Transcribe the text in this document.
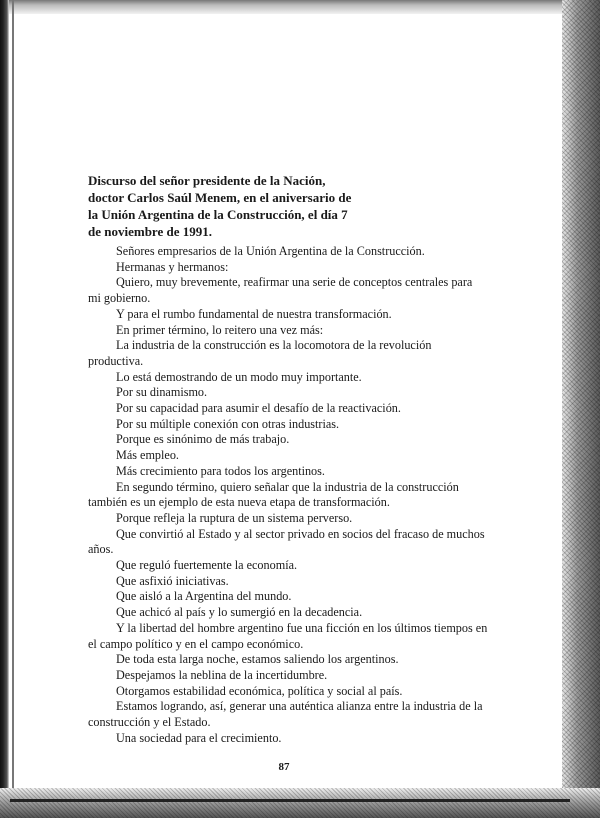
Discurso del señor presidente de la Nación,
doctor Carlos Saúl Menem, en el aniversario de
la Unión Argentina de la Construcción, el día 7
de noviembre de 1991.

Señores empresarios de la Unión Argentina de la Construcción.

Hermanas y hermanos:

Quiero, muy brevemente, reafirmar una serie de conceptos centrales para mi gobierno.

Y para el rumbo fundamental de nuestra transformación.

En primer término, lo reitero una vez más:

La industria de la construcción es la locomotora de la revolución productiva.

Lo está demostrando de un modo muy importante.

Por su dinamismo.

Por su capacidad para asumir el desafío de la reactivación.

Por su múltiple conexión con otras industrias.

Porque es sinónimo de más trabajo.

Más empleo.

Más crecimiento para todos los argentinos.

En segundo término, quiero señalar que la industria de la construcción también es un ejemplo de esta nueva etapa de transformación.

Porque refleja la ruptura de un sistema perverso.

Que convirtió al Estado y al sector privado en socios del fracaso de muchos años.

Que reguló fuertemente la economía.

Que asfixió iniciativas.

Que aisló a la Argentina del mundo.

Que achicó al país y lo sumergió en la decadencia.

Y la libertad del hombre argentino fue una ficción en los últimos tiempos en el campo político y en el campo económico.

De toda esta larga noche, estamos saliendo los argentinos.

Despejamos la neblina de la incertidumbre.

Otorgamos estabilidad económica, política y social al país.

Estamos logrando, así, generar una auténtica alianza entre la industria de la construcción y el Estado.

Una sociedad para el crecimiento.

87
